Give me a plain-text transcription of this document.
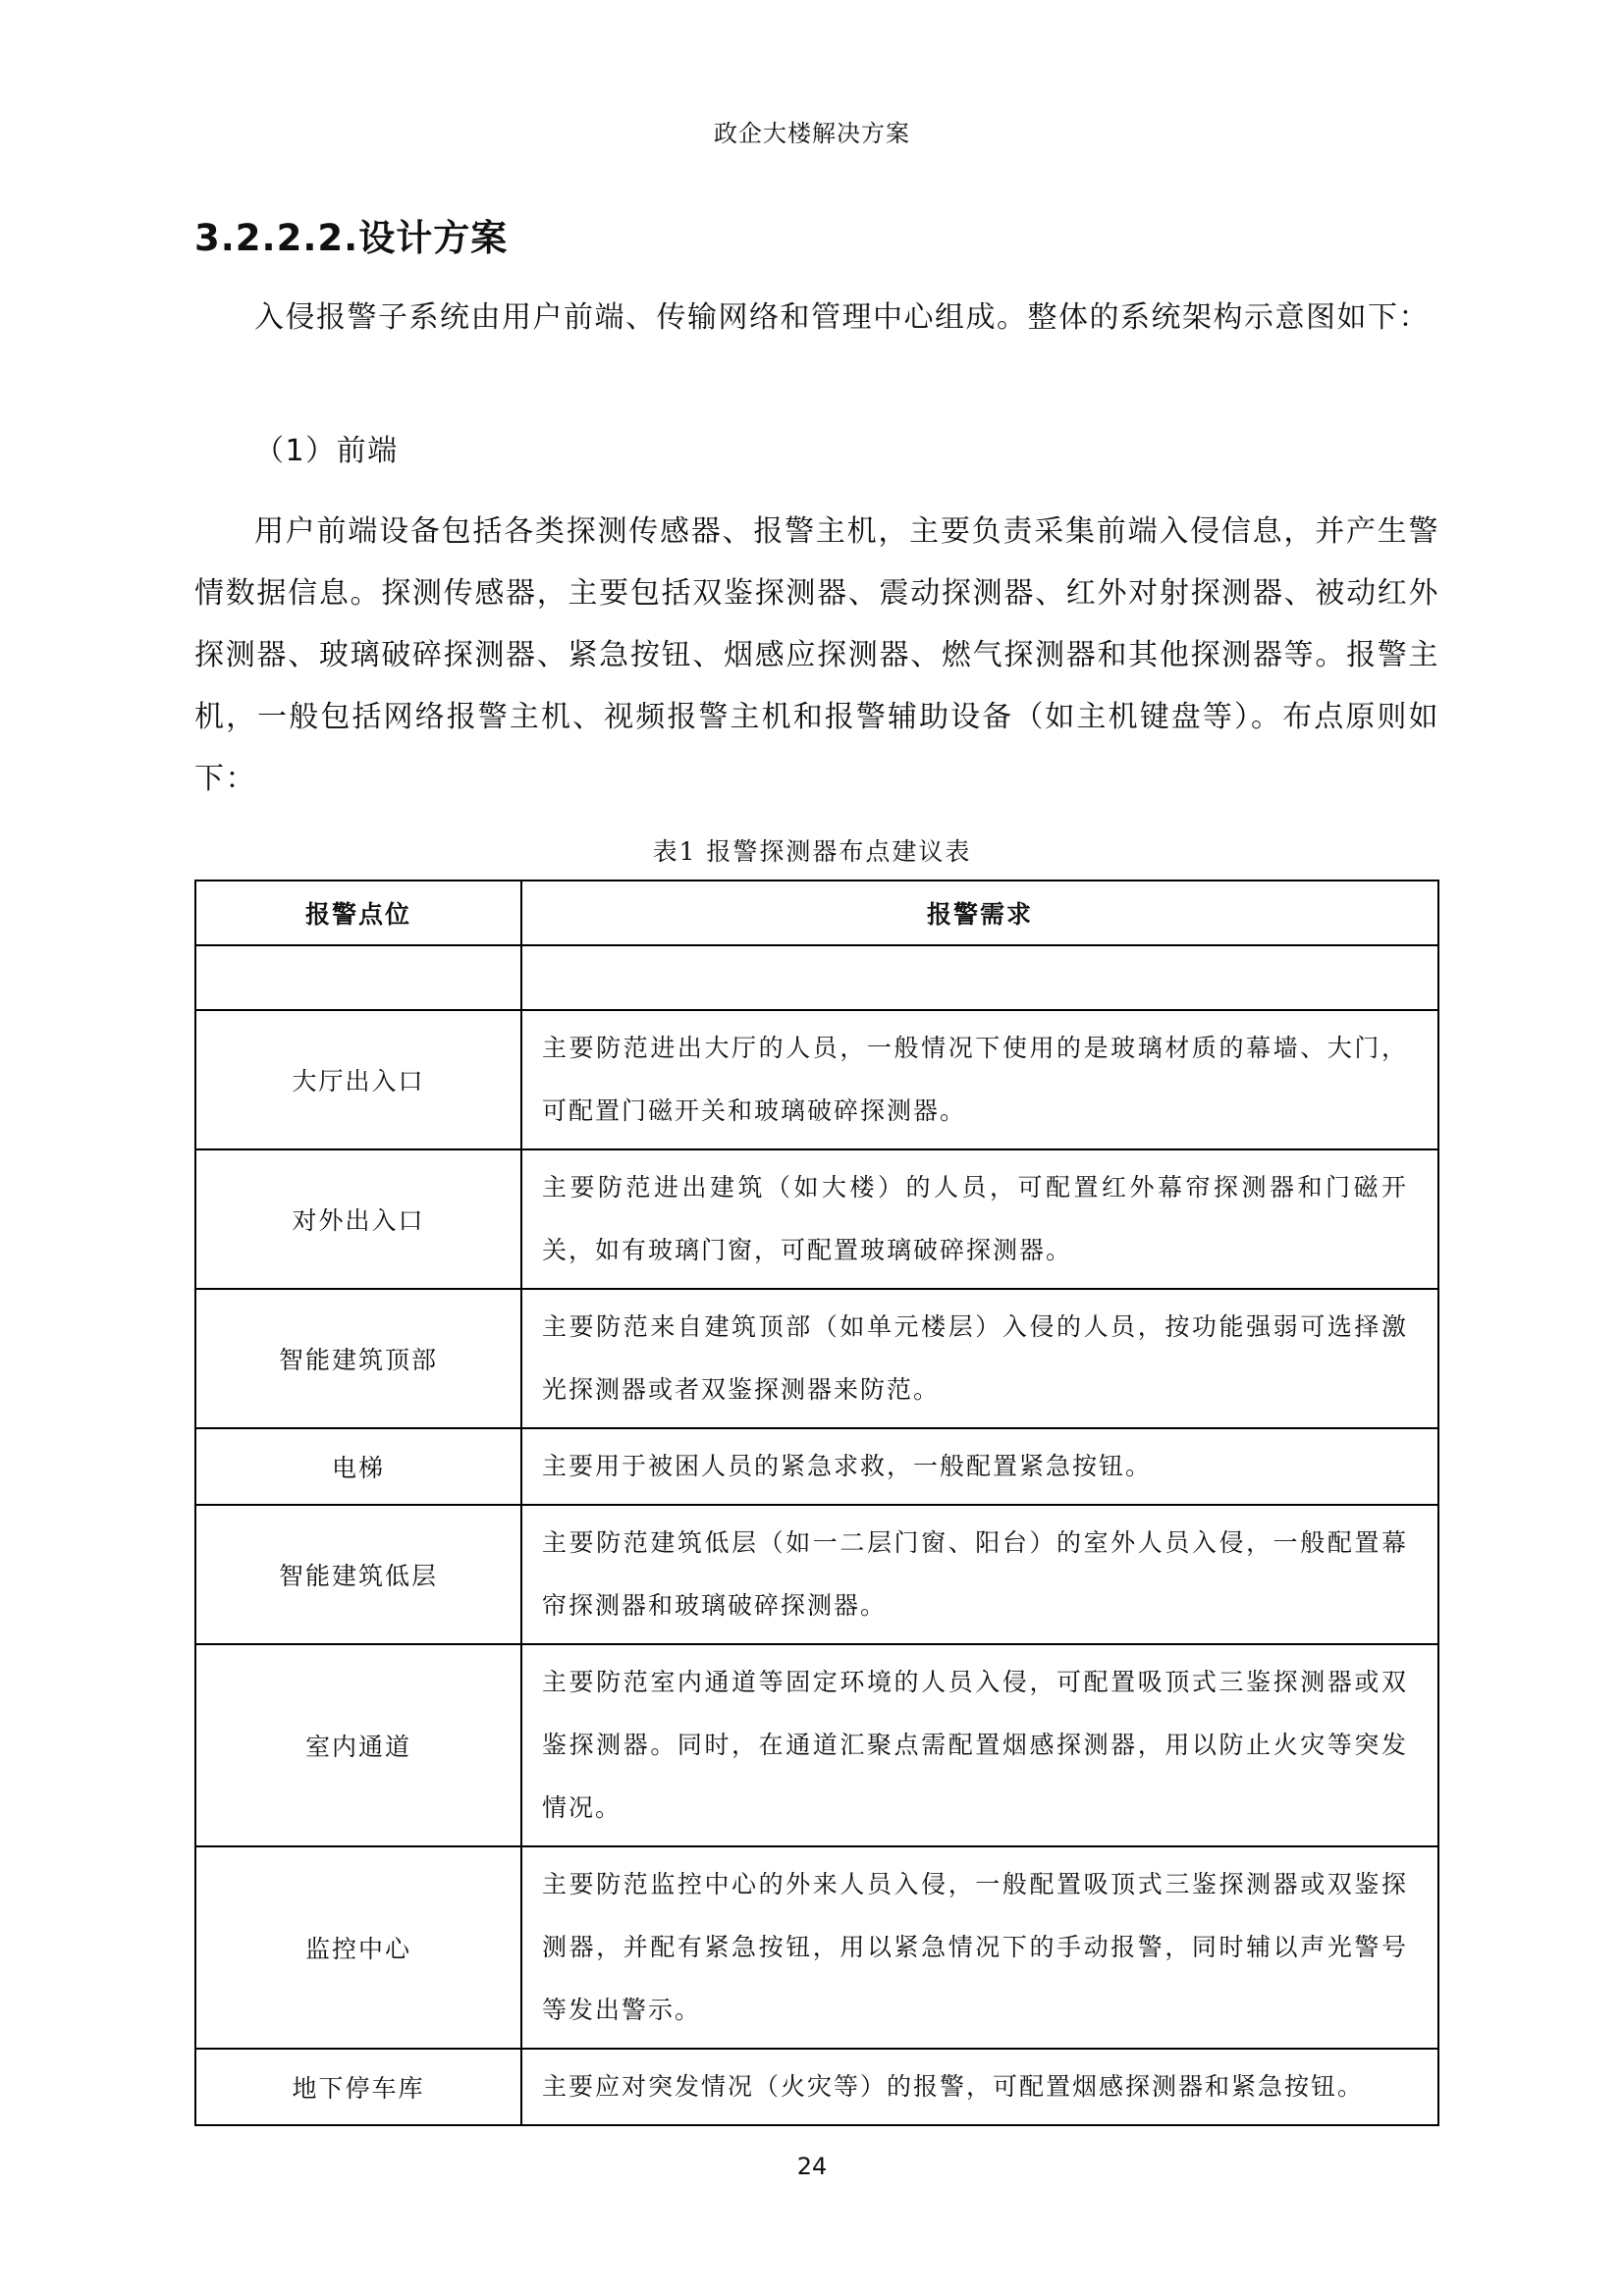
政企大楼解决方案
3.2.2.2.设计方案
入侵报警子系统由用户前端、传输网络和管理中心组成。整体的系统架构示意图如下：
（1）前端
用户前端设备包括各类探测传感器、报警主机，主要负责采集前端入侵信息，并产生警情数据信息。探测传感器，主要包括双鉴探测器、震动探测器、红外对射探测器、被动红外探测器、玻璃破碎探测器、紧急按钮、烟感应探测器、燃气探测器和其他探测器等。报警主机，一般包括网络报警主机、视频报警主机和报警辅助设备（如主机键盘等）。布点原则如下：
表1 报警探测器布点建议表
报警点位	报警需求

大厅出入口	主要防范进出大厅的人员，一般情况下使用的是玻璃材质的幕墙、大门，可配置门磁开关和玻璃破碎探测器。
对外出入口	主要防范进出建筑（如大楼）的人员，可配置红外幕帘探测器和门磁开关，如有玻璃门窗，可配置玻璃破碎探测器。
智能建筑顶部	主要防范来自建筑顶部（如单元楼层）入侵的人员，按功能强弱可选择激光探测器或者双鉴探测器来防范。
电梯	主要用于被困人员的紧急求救，一般配置紧急按钮。
智能建筑低层	主要防范建筑低层（如一二层门窗、阳台）的室外人员入侵，一般配置幕帘探测器和玻璃破碎探测器。
室内通道	主要防范室内通道等固定环境的人员入侵，可配置吸顶式三鉴探测器或双鉴探测器。同时，在通道汇聚点需配置烟感探测器，用以防止火灾等突发情况。
监控中心	主要防范监控中心的外来人员入侵，一般配置吸顶式三鉴探测器或双鉴探测器，并配有紧急按钮，用以紧急情况下的手动报警，同时辅以声光警号等发出警示。
地下停车库	主要应对突发情况（火灾等）的报警，可配置烟感探测器和紧急按钮。
24
